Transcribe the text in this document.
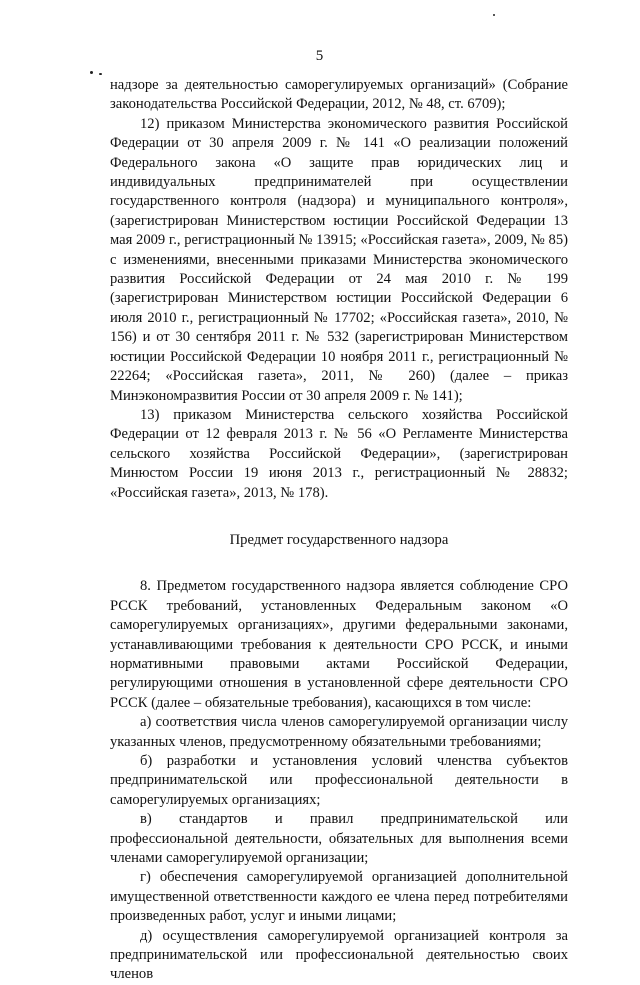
5

надзоре за деятельностью саморегулируемых организаций» (Собрание законодательства Российской Федерации, 2012, № 48, ст. 6709);

12) приказом Министерства экономического развития Российской Федерации от 30 апреля 2009 г. № 141 «О реализации положений Федерального закона «О защите прав юридических лиц и индивидуальных предпринимателей при осуществлении государственного контроля (надзора) и муниципального контроля», (зарегистрирован Министерством юстиции Российской Федерации 13 мая 2009 г., регистрационный № 13915; «Российская газета», 2009, № 85) с изменениями, внесенными приказами Министерства экономического развития Российской Федерации от 24 мая 2010 г. № 199 (зарегистрирован Министерством юстиции Российской Федерации 6 июля 2010 г., регистрационный № 17702; «Российская газета», 2010, № 156) и от 30 сентября 2011 г. № 532 (зарегистрирован Министерством юстиции Российской Федерации 10 ноября 2011 г., регистрационный № 22264; «Российская газета», 2011, № 260) (далее – приказ Минэкономразвития России от 30 апреля 2009 г. № 141);

13) приказом Министерства сельского хозяйства Российской Федерации от 12 февраля 2013 г. № 56 «О Регламенте Министерства сельского хозяйства Российской Федерации», (зарегистрирован Минюстом России 19 июня 2013 г., регистрационный № 28832; «Российская газета», 2013, № 178).

Предмет государственного надзора

8. Предметом государственного надзора является соблюдение СРО РССК требований, установленных Федеральным законом «О саморегулируемых организациях», другими федеральными законами, устанавливающими требования к деятельности СРО РССК, и иными нормативными правовыми актами Российской Федерации, регулирующими отношения в установленной сфере деятельности СРО РССК (далее – обязательные требования), касающихся в том числе:

а) соответствия числа членов саморегулируемой организации числу указанных членов, предусмотренному обязательными требованиями;

б) разработки и установления условий членства субъектов предпринимательской или профессиональной деятельности в саморегулируемых организациях;

в) стандартов и правил предпринимательской или профессиональной деятельности, обязательных для выполнения всеми членами саморегулируемой организации;

г) обеспечения саморегулируемой организацией дополнительной имущественной ответственности каждого ее члена перед потребителями произведенных работ, услуг и иными лицами;

д) осуществления саморегулируемой организацией контроля за предпринимательской или профессиональной деятельностью своих членов
